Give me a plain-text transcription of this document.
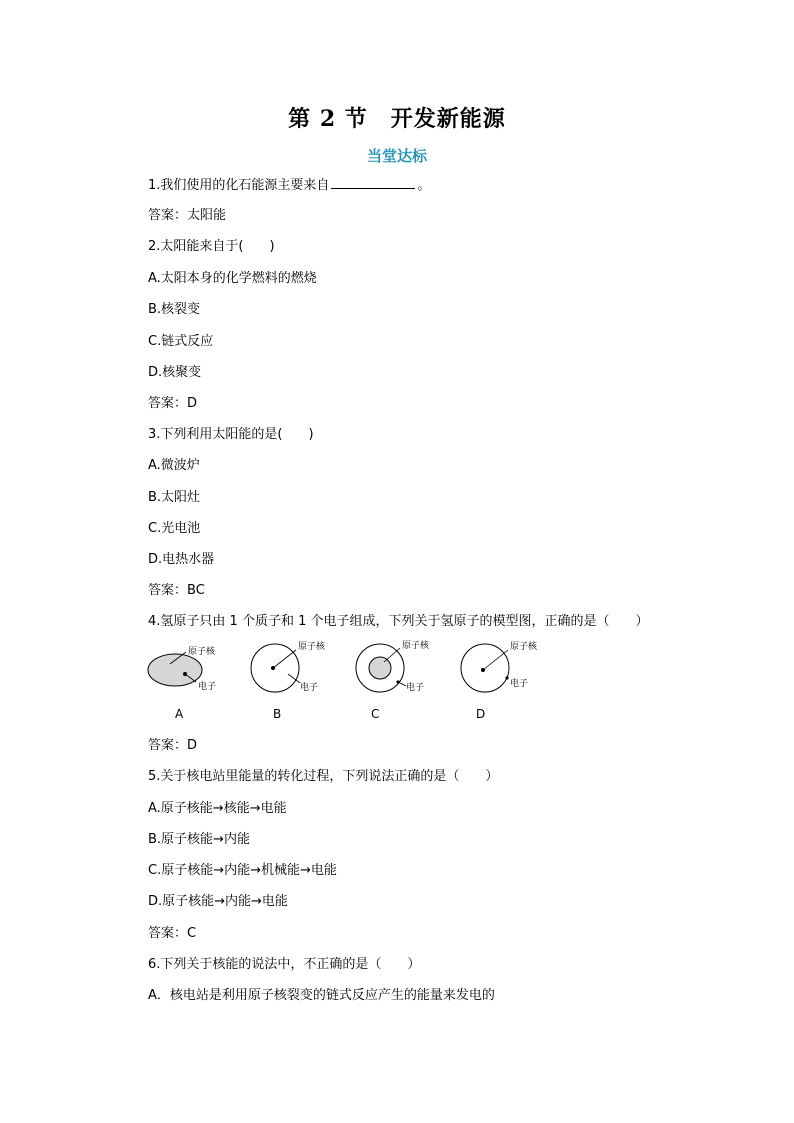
第 2 节　开发新能源
当堂达标
1.我们使用的化石能源主要来自	。
答案：太阳能
2.太阳能来自于(　　)
A.太阳本身的化学燃料的燃烧
B.核裂变
C.链式反应
D.核聚变
答案：D
3.下列利用太阳能的是(　　)
A.微波炉
B.太阳灶
C.光电池
D.电热水器
答案：BC
4.氢原子只由 1 个质子和 1 个电子组成，下列关于氢原子的模型图，正确的是（　　）
原子核
电子
原子核
电子
原子核
电子
原子核
电子
A	B	C	D
答案：D
5.关于核电站里能量的转化过程，下列说法正确的是（　　）
A.原子核能→核能→电能
B.原子核能→内能
C.原子核能→内能→机械能→电能
D.原子核能→内能→电能
答案：C
6.下列关于核能的说法中，不正确的是（　　）
A．核电站是利用原子核裂变的链式反应产生的能量来发电的
